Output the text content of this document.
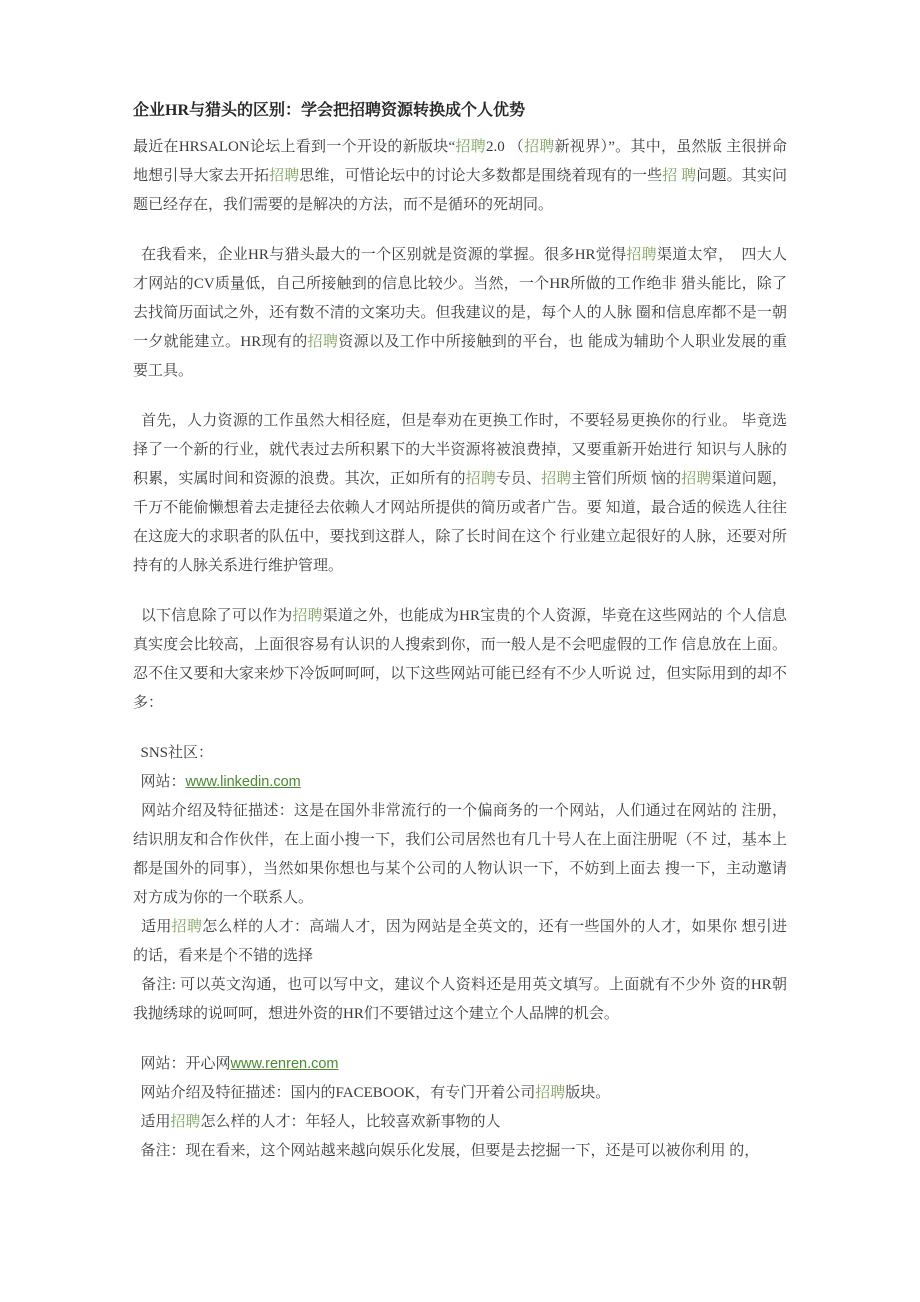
企业HR与猎头的区别：学会把招聘资源转换成个人优势

最近在HRSALON论坛上看到一个开设的新版块“招聘2.0 （招聘新视界）”。其中，虽然版 主很拼命地想引导大家去开拓招聘思维，可惜论坛中的讨论大多数都是围绕着现有的一些招 聘问题。其实问题已经存在，我们需要的是解决的方法，而不是循环的死胡同。

在我看来，企业HR与猎头最大的一个区别就是资源的掌握。很多HR觉得招聘渠道太窄，  四大人才网站的CV质量低，自己所接触到的信息比较少。当然，一个HR所做的工作绝非 猎头能比，除了去找简历面试之外，还有数不清的文案功夫。但我建议的是，每个人的人脉 圈和信息库都不是一朝一夕就能建立。HR现有的招聘资源以及工作中所接触到的平台，也 能成为辅助个人职业发展的重要工具。

首先，人力资源的工作虽然大相径庭，但是奉劝在更换工作时，不要轻易更换你的行业。 毕竟选择了一个新的行业，就代表过去所积累下的大半资源将被浪费掉，又要重新开始进行 知识与人脉的积累，实属时间和资源的浪费。其次，正如所有的招聘专员、招聘主管们所烦 恼的招聘渠道问题，千万不能偷懒想着去走捷径去依赖人才网站所提供的简历或者广告。要 知道，最合适的候选人往往在这庞大的求职者的队伍中，要找到这群人，除了长时间在这个 行业建立起很好的人脉，还要对所持有的人脉关系进行维护管理。

以下信息除了可以作为招聘渠道之外，也能成为HR宝贵的个人资源，毕竟在这些网站的 个人信息真实度会比较高，上面很容易有认识的人搜索到你，而一般人是不会吧虚假的工作 信息放在上面。忍不住又要和大家来炒下冷饭呵呵呵，以下这些网站可能已经有不少人听说 过，但实际用到的却不多：

SNS社区：

网站：www.linkedin.com

网站介绍及特征描述：这是在国外非常流行的一个偏商务的一个网站，人们通过在网站的 注册，结识朋友和合作伙伴，在上面小搜一下，我们公司居然也有几十号人在上面注册呢（不 过，基本上都是国外的同事），当然如果你想也与某个公司的人物认识一下，不妨到上面去 搜一下，主动邀请对方成为你的一个联系人。

适用招聘怎么样的人才：高端人才，因为网站是全英文的，还有一些国外的人才，如果你 想引进的话，看来是个不错的选择

备注: 可以英文沟通，也可以写中文，建议个人资料还是用英文填写。上面就有不少外 资的HR朝我抛绣球的说呵呵，想进外资的HR们不要错过这个建立个人品牌的机会。

网站：开心网www.renren.com

网站介绍及特征描述：国内的FACEBOOK，有专门开着公司招聘版块。

适用招聘怎么样的人才：年轻人，比较喜欢新事物的人

备注：现在看来，这个网站越来越向娱乐化发展，但要是去挖掘一下，还是可以被你利用 的，
